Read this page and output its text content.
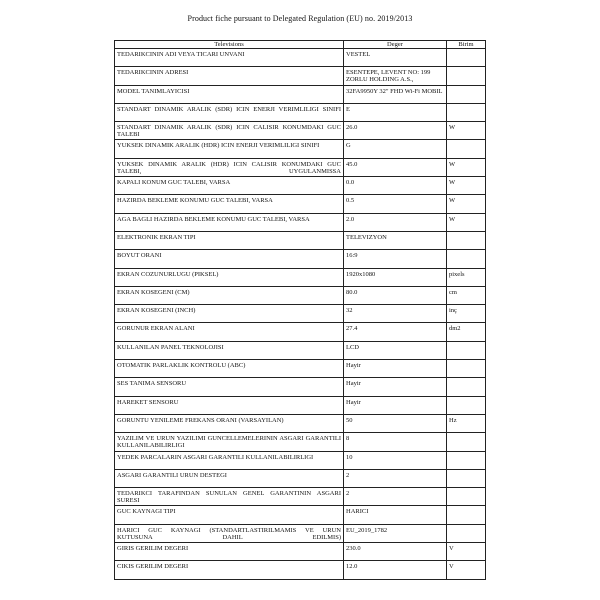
Product fiche pursuant to Delegated Regulation (EU) no. 2019/2013
Televisions	Deger	Birim
TEDARIKCININ ADI VEYA TICARI UNVANI	VESTEL	
TEDARIKCININ ADRESI	ESENTEPE, LEVENT NO: 199 ZORLU HOLDING A.S.,	
MODEL TANIMLAYICISI	32FA9950Y 32" FHD Wi-Fi MOBIL	
STANDART DINAMIK ARALIK (SDR) ICIN ENERJI VERIMLILIGI SINIFI	E	
STANDART DINAMIK ARALIK (SDR) ICIN CALISIR KONUMDAKI GUC TALEBI	26.0	W
YUKSEK DINAMIK ARALIK (HDR) ICIN ENERJI VERIMLILIGI SINIFI	G	
YUKSEK DINAMIK ARALIK (HDR) ICIN CALISIR KONUMDAKI GUC TALEBI, UYGULANMISSA	45.0	W
KAPALI KONUM GUC TALEBI, VARSA	0.0	W
HAZIRDA BEKLEME KONUMU GUC TALEBI, VARSA	0.5	W
AGA BAGLI HAZIRDA BEKLEME KONUMU GUC TALEBI, VARSA	2.0	W
ELEKTRONIK EKRAN TIPI	TELEVIZYON	
BOYUT ORANI	16:9	
EKRAN COZUNURLUGU (PIKSEL)	1920x1080	pixels
EKRAN KOSEGENI (CM)	80.0	cm
EKRAN KOSEGENI (INCH)	32	inç
GORUNUR EKRAN ALANI	27.4	dm2
KULLANILAN PANEL TEKNOLOJISI	LCD	
OTOMATIK PARLAKLIK KONTROLU (ABC)	Hayir	
SES TANIMA SENSORU	Hayir	
HAREKET SENSORU	Hayir	
GORUNTU YENILEME FREKANS ORANI (VARSAYILAN)	50	Hz
YAZILIM VE URUN YAZILIMI GUNCELLEMELERININ ASGARI GARANTILI KULLANILABILIRLIGI	8	
YEDEK PARCALARIN ASGARI GARANTILI KULLANILABILIRLIGI	10	
ASGARI GARANTILI URUN DESTEGI	2	
TEDARIKCI TARAFINDAN SUNULAN GENEL GARANTININ ASGARI SURESI	2	
GUC KAYNAGI TIPI	HARICI	
HARICI GUC KAYNAGI (STANDARTLASTIRILMAMIS VE URUN KUTUSUNA DAHIL EDILMIS)	EU_2019_1782	
GIRIS GERILIM DEGERI	230.0	V
CIKIS GERILIM DEGERI	12.0	V
